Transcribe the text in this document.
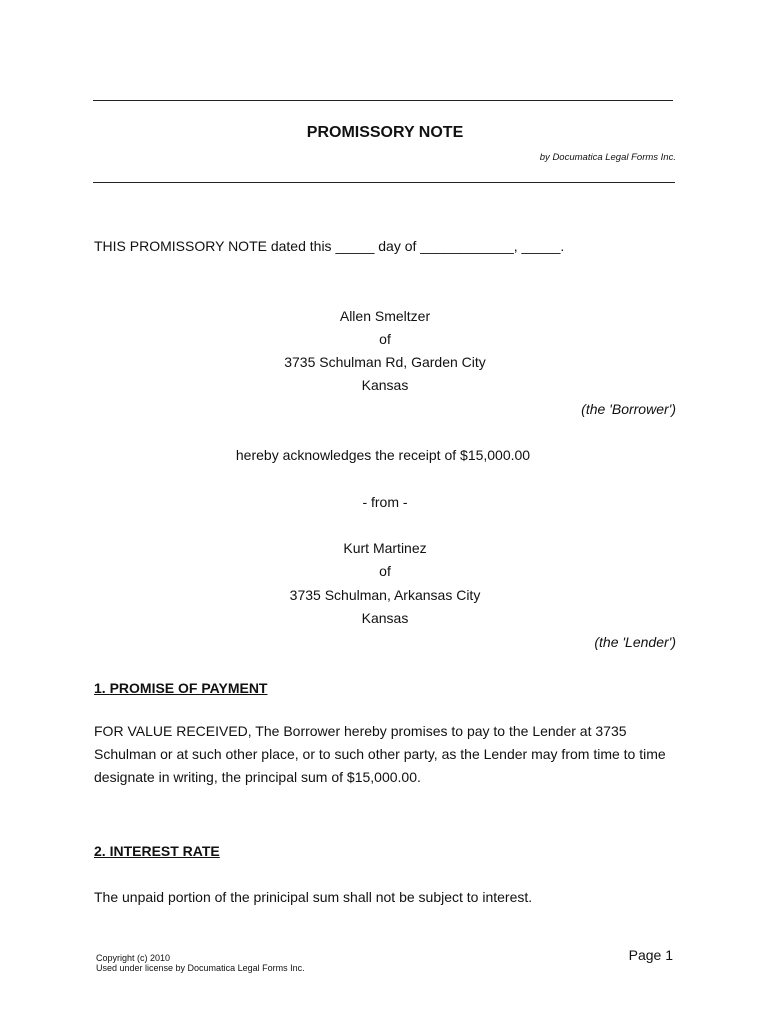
PROMISSORY NOTE
by Documatica Legal Forms Inc.
THIS PROMISSORY NOTE dated this _____ day of ____________, _____.
Allen Smeltzer
of
3735 Schulman Rd, Garden City
Kansas
(the 'Borrower')
hereby acknowledges the receipt of $15,000.00
- from -
Kurt Martinez
of
3735 Schulman, Arkansas City
Kansas
(the 'Lender')
1. PROMISE OF PAYMENT
FOR VALUE RECEIVED, The Borrower hereby promises to pay to the Lender at 3735 Schulman or at such other place, or to such other party, as the Lender may from time to time designate in writing, the principal sum of $15,000.00.
2. INTEREST RATE
The unpaid portion of the prinicipal sum shall not be subject to interest.
Copyright (c) 2010
Used under license by Documatica Legal Forms Inc.
Page 1
